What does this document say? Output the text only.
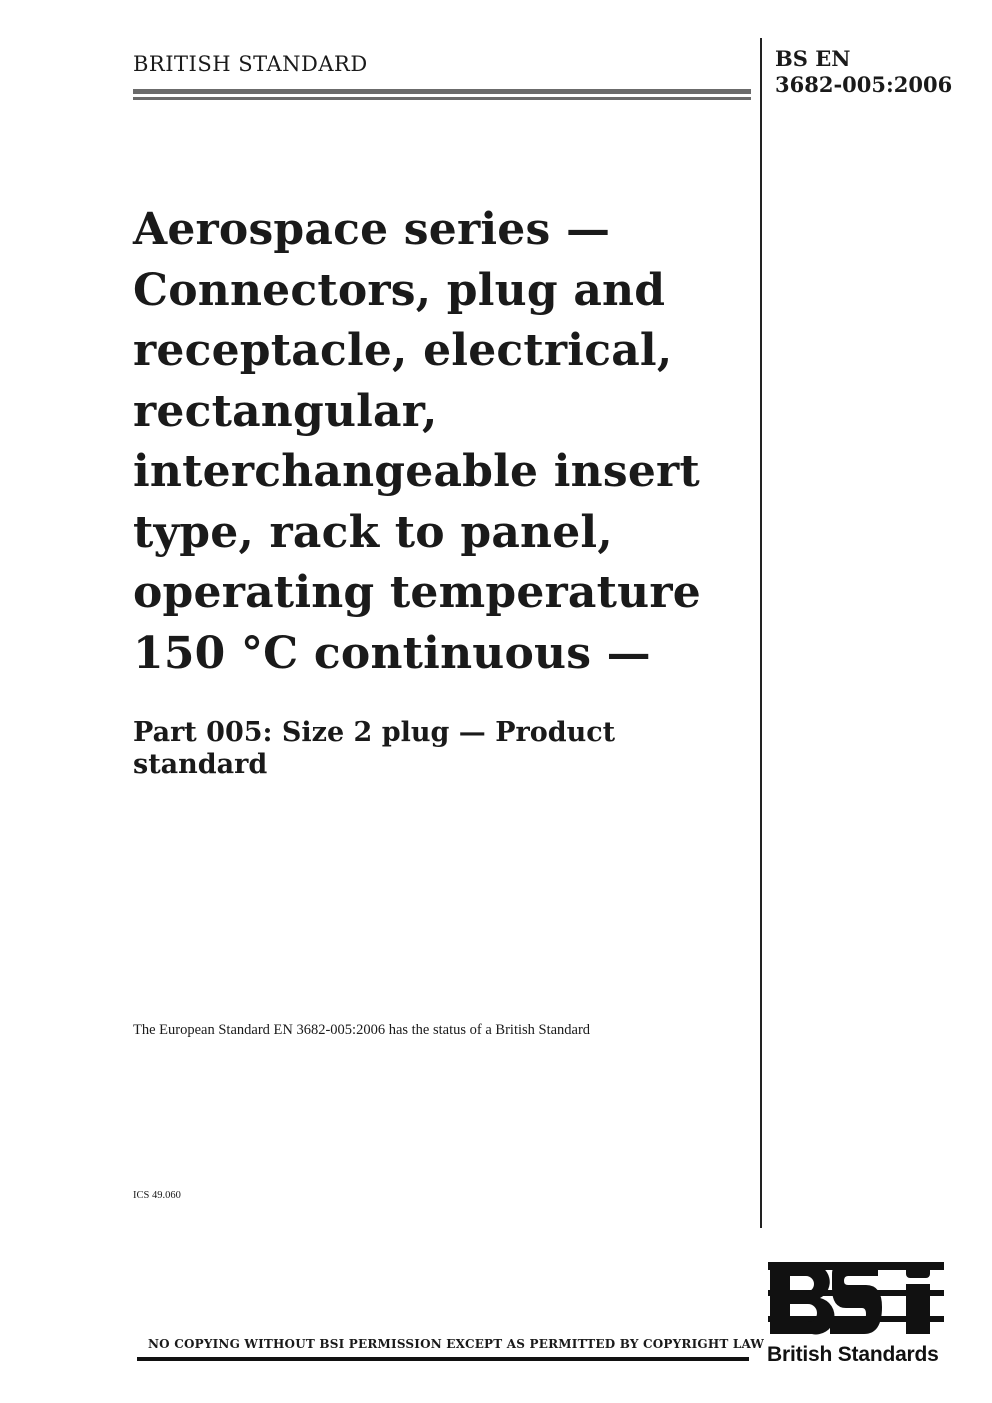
BRITISH STANDARD	BS EN
3682-005:2006
Aerospace series — Connectors, plug and receptacle, electrical, rectangular, interchangeable insert type, rack to panel, operating temperature 150 °C continuous —
Part 005: Size 2 plug — Product standard
The European Standard EN 3682-005:2006 has the status of a British Standard
ICS 49.060
NO COPYING WITHOUT BSI PERMISSION EXCEPT AS PERMITTED BY COPYRIGHT LAW British Standards
